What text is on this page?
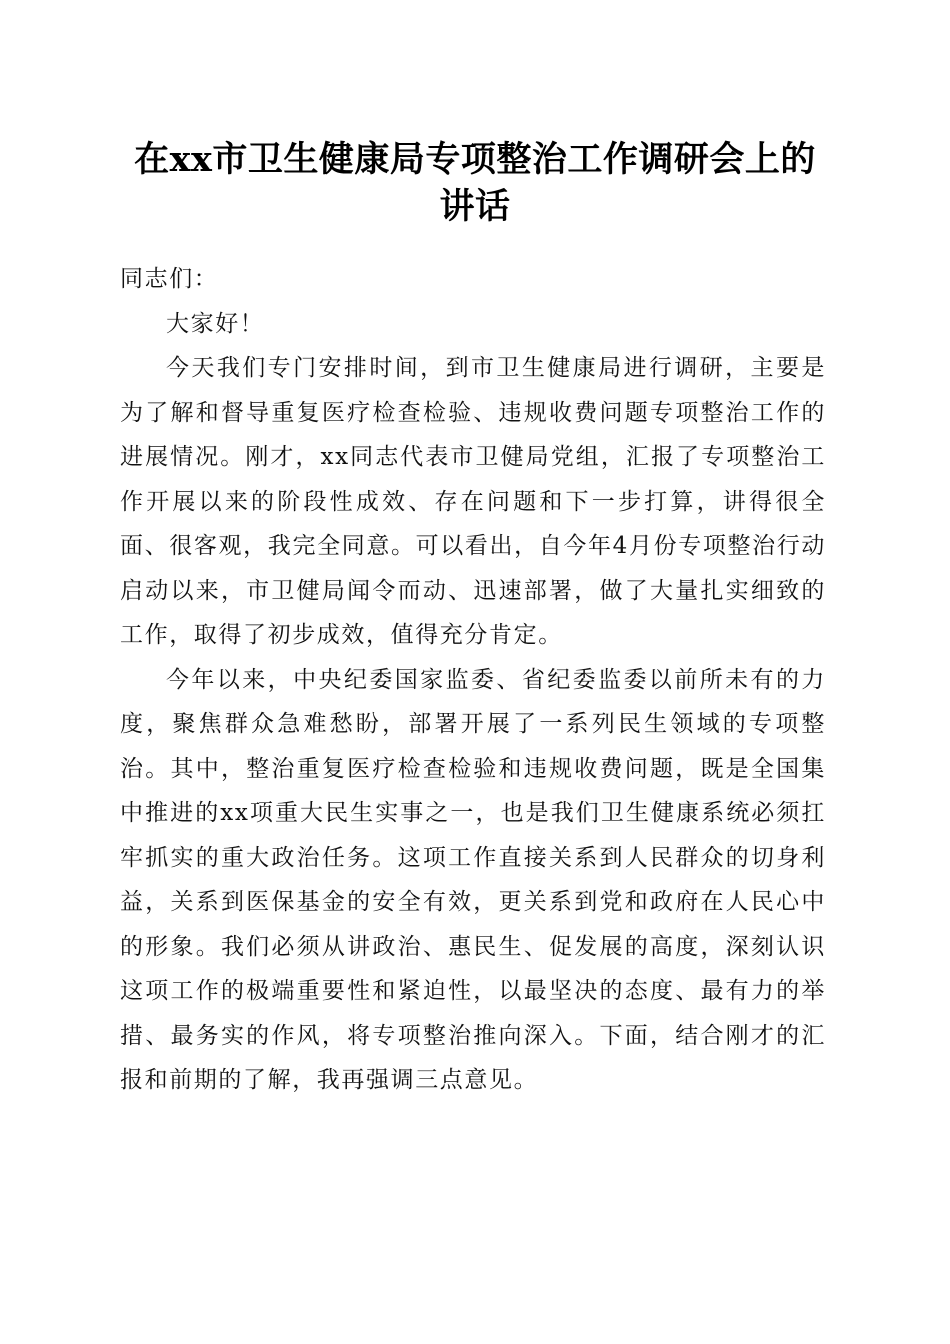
在xx市卫生健康局专项整治工作调研会上的讲话

同志们：

大家好！

今天我们专门安排时间，到市卫生健康局进行调研，主要是为了解和督导重复医疗检查检验、违规收费问题专项整治工作的进展情况。刚才，xx同志代表市卫健局党组，汇报了专项整治工作开展以来的阶段性成效、存在问题和下一步打算，讲得很全面、很客观，我完全同意。可以看出，自今年4月份专项整治行动启动以来，市卫健局闻令而动、迅速部署，做了大量扎实细致的工作，取得了初步成效，值得充分肯定。

今年以来，中央纪委国家监委、省纪委监委以前所未有的力度，聚焦群众急难愁盼，部署开展了一系列民生领域的专项整治。其中，整治重复医疗检查检验和违规收费问题，既是全国集中推进的xx项重大民生实事之一，也是我们卫生健康系统必须扛牢抓实的重大政治任务。这项工作直接关系到人民群众的切身利益，关系到医保基金的安全有效，更关系到党和政府在人民心中的形象。我们必须从讲政治、惠民生、促发展的高度，深刻认识这项工作的极端重要性和紧迫性，以最坚决的态度、最有力的举措、最务实的作风，将专项整治推向深入。下面，结合刚才的汇报和前期的了解，我再强调三点意见。
